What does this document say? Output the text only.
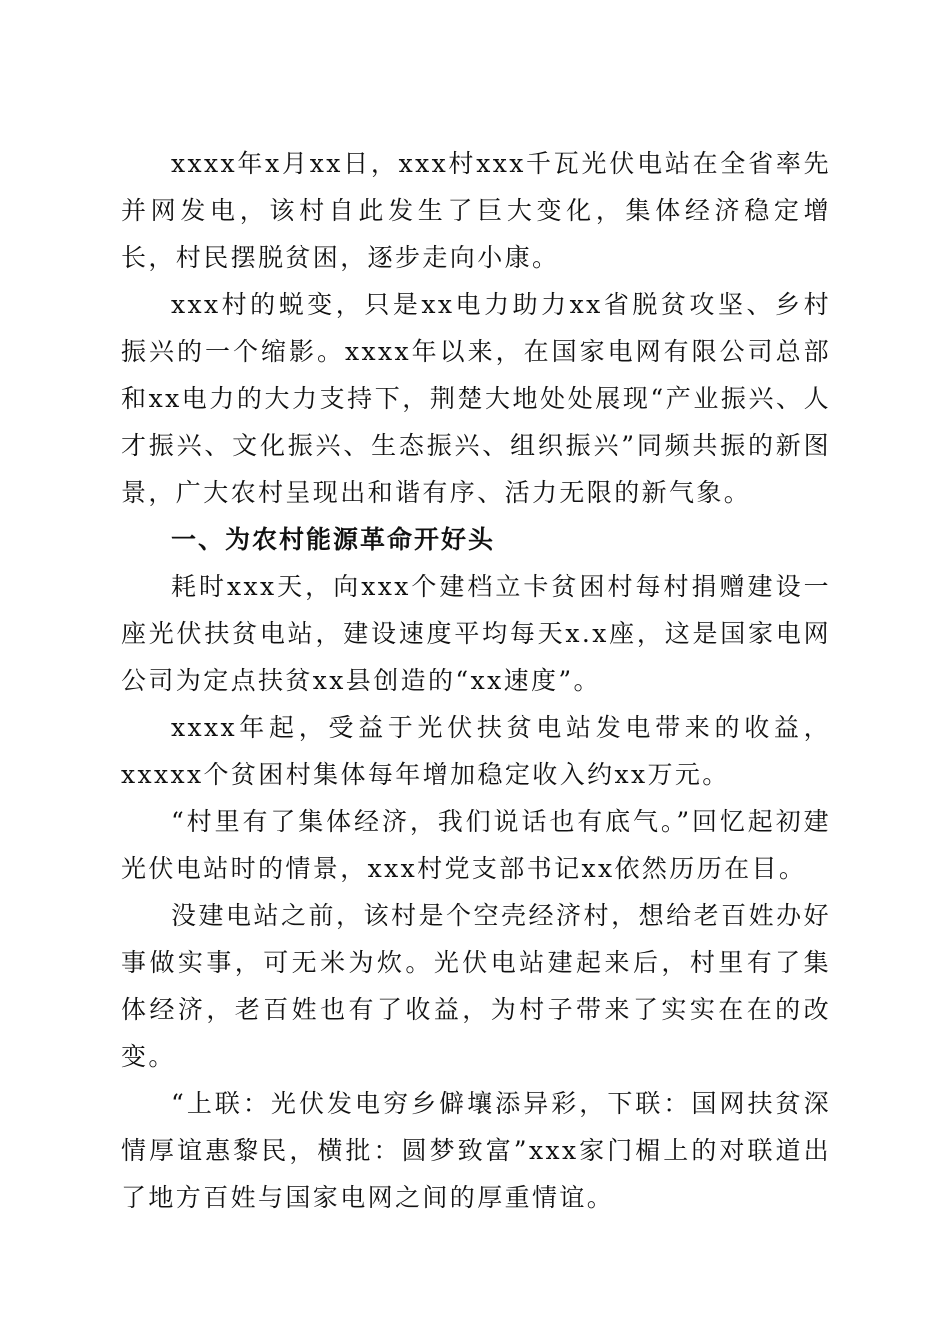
xxxx年x月xx日，xxx村xxx千瓦光伏电站在全省率先并网发电，该村自此发生了巨大变化，集体经济稳定增长，村民摆脱贫困，逐步走向小康。

xxx村的蜕变，只是xx电力助力xx省脱贫攻坚、乡村振兴的一个缩影。xxxx年以来，在国家电网有限公司总部和xx电力的大力支持下，荆楚大地处处展现“产业振兴、人才振兴、文化振兴、生态振兴、组织振兴”同频共振的新图景，广大农村呈现出和谐有序、活力无限的新气象。

一、为农村能源革命开好头

耗时xxx天，向xxx个建档立卡贫困村每村捐赠建设一座光伏扶贫电站，建设速度平均每天x.x座，这是国家电网公司为定点扶贫xx县创造的“xx速度”。

xxxx年起，受益于光伏扶贫电站发电带来的收益，xxxxx个贫困村集体每年增加稳定收入约xx万元。

“村里有了集体经济，我们说话也有底气。”回忆起初建光伏电站时的情景，xxx村党支部书记xx依然历历在目。

没建电站之前，该村是个空壳经济村，想给老百姓办好事做实事，可无米为炊。光伏电站建起来后，村里有了集体经济，老百姓也有了收益，为村子带来了实实在在的改变。

“上联：光伏发电穷乡僻壤添异彩，下联：国网扶贫深情厚谊惠黎民，横批：圆梦致富”xxx家门楣上的对联道出了地方百姓与国家电网之间的厚重情谊。
